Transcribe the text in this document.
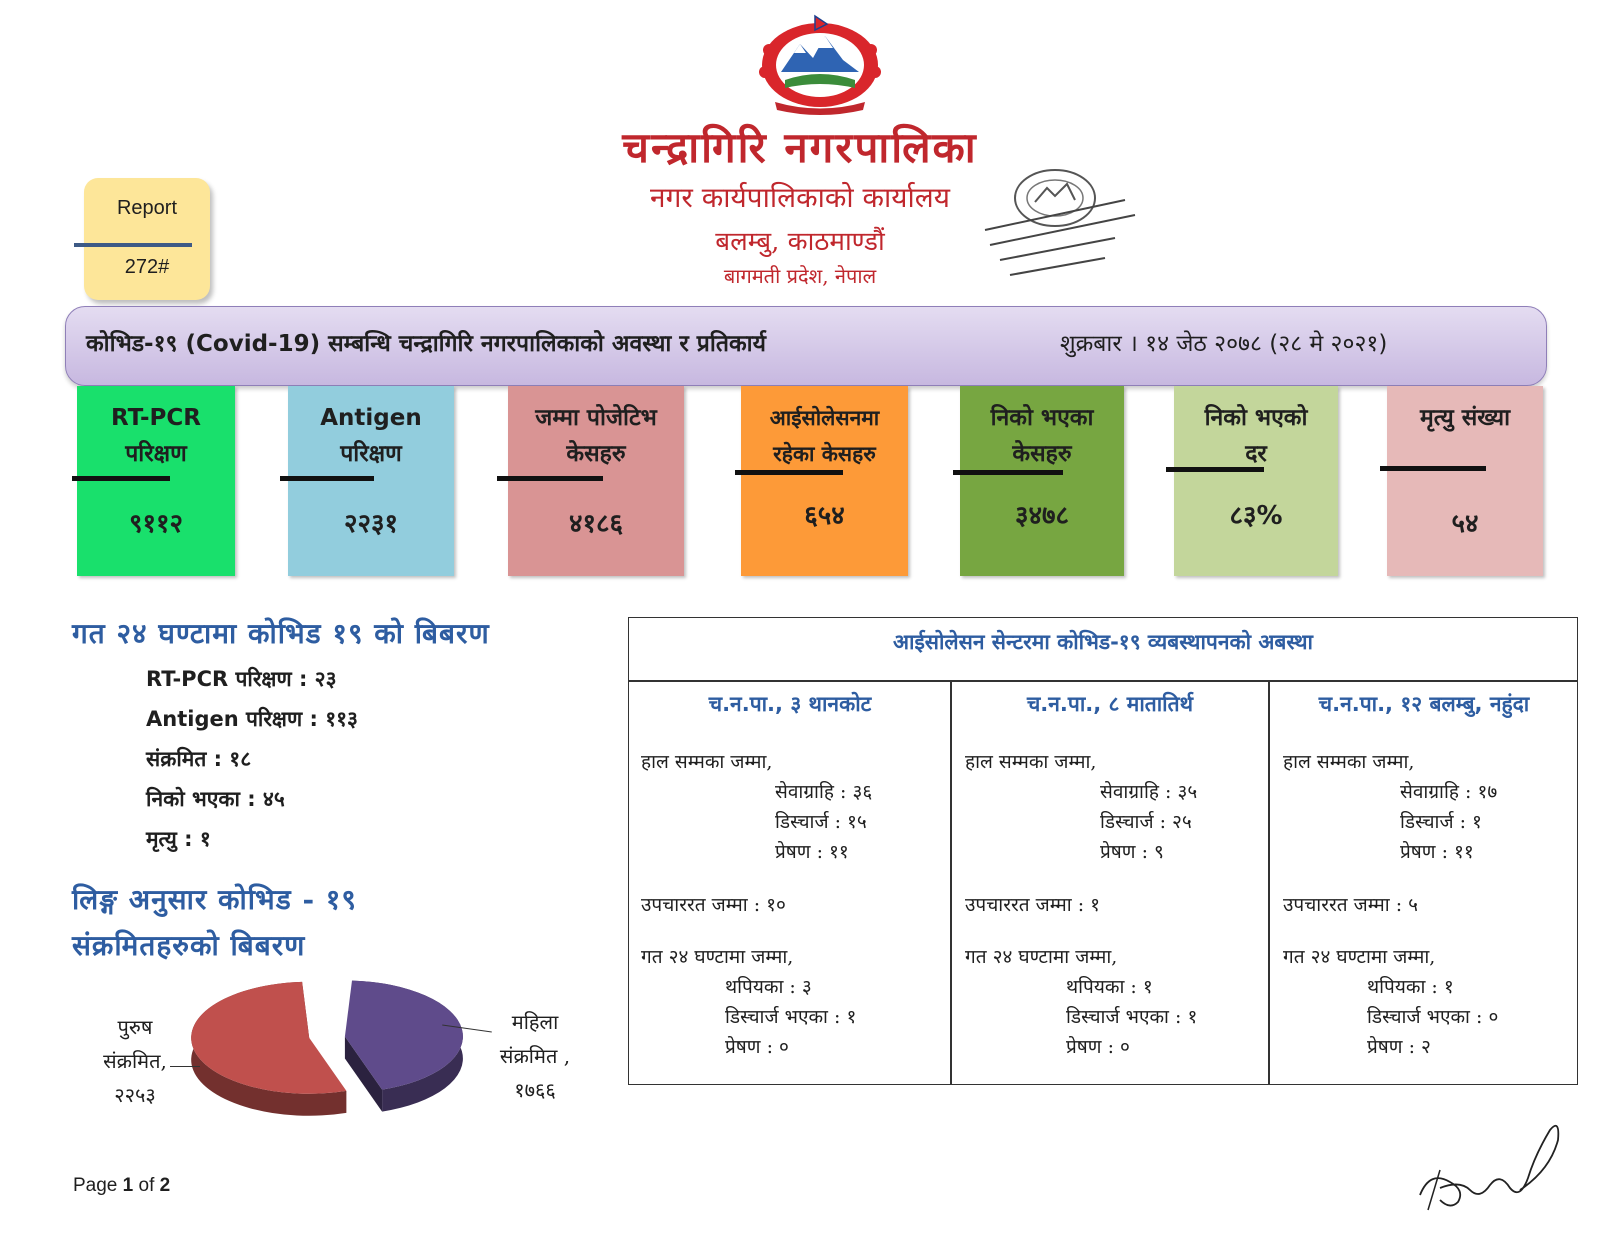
चन्द्रागिरि नगरपालिका
नगर कार्यपालिकाको कार्यालय
बलम्बु, काठमाण्डौं
बागमती प्रदेश, नेपाल
Report
272#
कोभिड-१९ (Covid-19) सम्बन्धि चन्द्रागिरि नगरपालिकाको अवस्था र प्रतिकार्य	शुक्रबार । १४ जेठ २०७८ (२८ मे २०२१)
RT-PCR परिक्षण
९११२
Antigen परिक्षण
२२३१
जम्मा पोजेटिभ केसहरु
४१८६
आईसोलेसनमा रहेका केसहरु
६५४
निको भएका केसहरु
३४७८
निको भएको दर
८३%
मृत्यु संख्या
५४
गत २४ घण्टामा कोभिड १९ को बिबरण
RT-PCR परिक्षण : २३
Antigen परिक्षण : ११३
संक्रमित : १८
निको भएका : ४५
मृत्यु : १
लिङ्ग अनुसार कोभिड - १९
संक्रमितहरुको बिबरण
पुरुष
संक्रमित,
२२५३
महिला
संक्रमित ,
१७६६
आईसोलेसन सेन्टरमा कोभिड-१९ व्यबस्थापनको अबस्था
च.न.पा., ३ थानकोट
हाल सम्मका जम्मा,
सेवाग्राहि : ३६
डिस्चार्ज : १५
प्रेषण : ११
उपचाररत जम्मा : १०
गत २४ घण्टामा जम्मा,
थपियका : ३
डिस्चार्ज भएका : १
प्रेषण : ०
च.न.पा., ८ मातातिर्थ
हाल सम्मका जम्मा,
सेवाग्राहि : ३५
डिस्चार्ज : २५
प्रेषण : ९
उपचाररत जम्मा : १
गत २४ घण्टामा जम्मा,
थपियका : १
डिस्चार्ज भएका : १
प्रेषण : ०
च.न.पा., १२ बलम्बु, नहुंदा
हाल सम्मका जम्मा,
सेवाग्राहि : १७
डिस्चार्ज : १
प्रेषण : ११
उपचाररत जम्मा : ५
गत २४ घण्टामा जम्मा,
थपियका : १
डिस्चार्ज भएका : ०
प्रेषण : २
Page 1 of 2
